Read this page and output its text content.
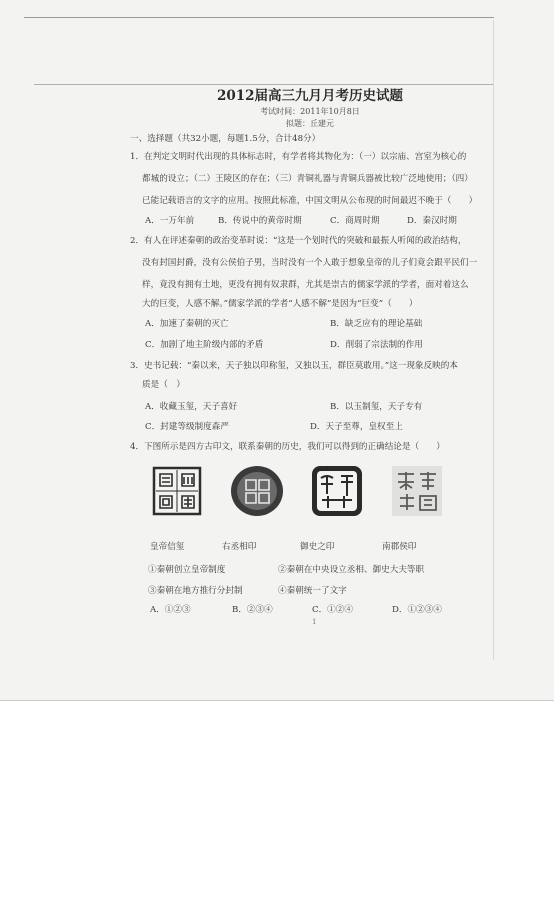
2012届高三九月月考历史试题
考试时间：2011年10月8日
拟题：丘建元
一、选择题（共32小题，每题1.5分，合计48分）
1．在判定文明时代出现的具体标志时，有学者将其物化为：（一）以宗庙、宫室为核心的
都城的设立；（二）王陵区的存在；（三）青铜礼器与青铜兵器被比较广泛地使用；（四）
已能记载语言的文字的应用。按照此标准，中国文明从公布现的时间最迟不晚于（　　）
A．一万年前	B．传说中的黄帝时期	C．商周时期	D．秦汉时期
2．有人在评述秦朝的政治变革时说：“这是一个划时代的突破和最振人听闻的政治结构，
没有封国封爵，没有公侯伯子男，当时没有一个人敢于想象皇帝的儿子们竟会跟平民们一
样，竟没有拥有土地，更没有拥有奴隶群，尤其是崇古的儒家学派的学者，面对着这么
大的巨变，人感不解。”儒家学派的学者“人感不解”是因为“巨变”（　　）
A．加速了秦朝的灭亡	B．缺乏应有的理论基础
C．加剧了地主阶级内部的矛盾	D．削弱了宗法制的作用
3．史书记载：“秦以来，天子独以印称玺，又独以玉，群臣莫敢用。”这一现象反映的本
质是（　）
A．收藏玉玺，天子喜好	B．以玉制玺，天子专有
C．封建等级制度森严	D．天子至尊，皇权至上
4．下图所示是四方古印文，联系秦朝的历史，我们可以得到的正确结论是（　　）
皇帝信玺	右丞相印	御史之印	南郡侯印
①秦朝创立皇帝制度	②秦朝在中央设立丞相、御史大夫等职
③秦朝在地方推行分封制	④秦朝统一了文字
A．①②③	B．②③④	C．①②④	D．①②③④
1
